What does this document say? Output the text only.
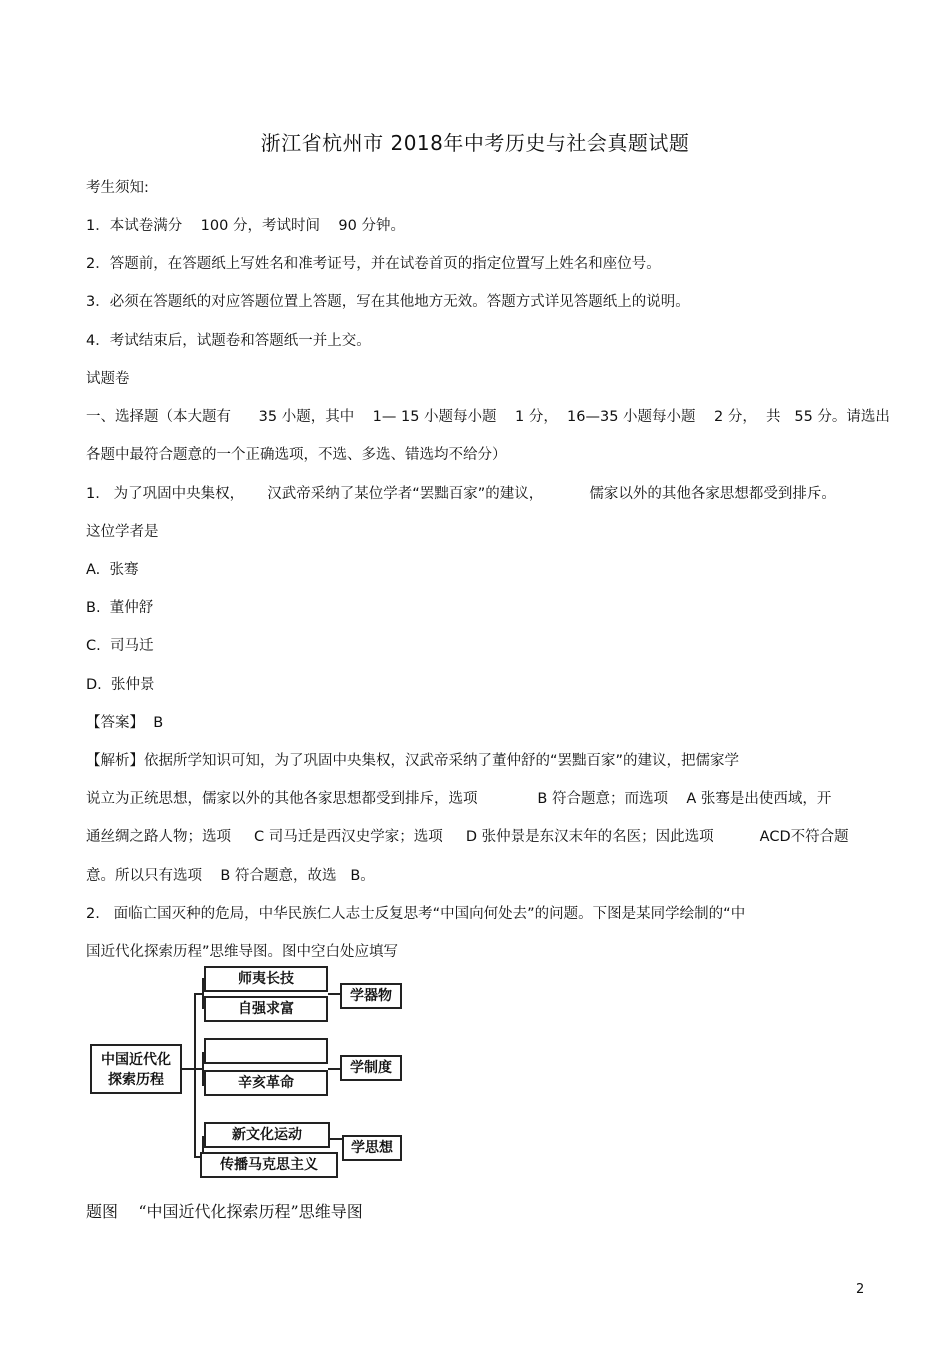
浙江省杭州市 2018年中考历史与社会真题试题
考生须知:
1．本试卷满分    100 分，考试时间    90 分钟。
2．答题前，在答题纸上写姓名和准考证号，并在试卷首页的指定位置写上姓名和座位号。
3．必须在答题纸的对应答题位置上答题，写在其他地方无效。答题方式详见答题纸上的说明。
4．考试结束后，试题卷和答题纸一并上交。
试题卷
一、选择题（本大题有      35 小题，其中    1— 15 小题每小题    1 分，  16—35 小题每小题    2 分，  共   55 分。请选出
各题中最符合题意的一个正确选项，不选、多选、错选均不给分）
1.   为了巩固中央集权，     汉武帝采纳了某位学者“罢黜百家”的建议，          儒家以外的其他各家思想都受到排斥。
这位学者是
A.  张骞
B.  董仲舒
C.  司马迁
D.  张仲景
【答案】  B
【解析】依据所学知识可知，为了巩固中央集权，汉武帝采纳了董仲舒的“罢黜百家”的建议，把儒家学
说立为正统思想，儒家以外的其他各家思想都受到排斥，选项             B 符合题意；而选项    A 张骞是出使西域，开
通丝绸之路人物；选项     C 司马迁是西汉史学家；选项     D 张仲景是东汉末年的名医；因此选项          ACD不符合题
意。所以只有选项    B 符合题意，故选   B。
2.   面临亡国灭种的危局，中华民族仁人志士反复思考“中国向何处去”的问题。下图是某同学绘制的“中
国近代化探索历程”思维导图。图中空白处应填写
中国近代化
探索历程
师夷长技
自强求富
学器物
辛亥革命
学制度
新文化运动
传播马克思主义
学思想
题图    “中国近代化探索历程”思维导图
2
